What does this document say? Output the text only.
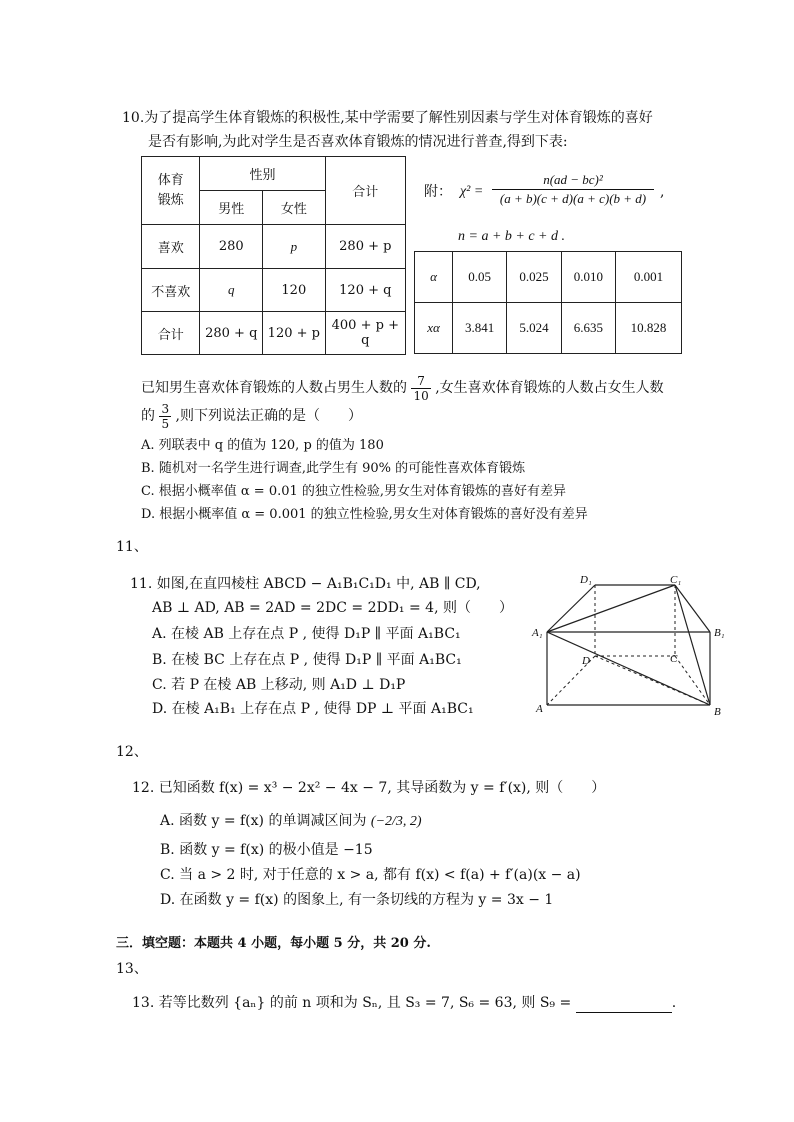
10.为了提高学生体育锻炼的积极性,某中学需要了解性别因素与学生对体育锻炼的喜好
是否有影响,为此对学生是否喜欢体育锻炼的情况进行普查,得到下表:
体育
锻炼	性别		合计
	男性	女性	
喜欢	280	p	280 + p
不喜欢	q	120	120 + q
合计	280 + q	120 + p	400 + p + q
附： $\chi^2 = \frac{\text{n(ad − bc)²}}{(a + b)(c + d)(a + c)(b + d)}$ ,
n = a + b + c + d .
α	0.05	0.025	0.010	0.001
xα	3.841	5.024	6.635	10.828
已知男生喜欢体育锻炼的人数占男生人数的 $\frac{7}{10}$ ,女生喜欢体育锻炼的人数占女生人数
的 $\frac{3}{5}$ ,则下列说法正确的是（　　）
A. 列联表中 q 的值为 120, p 的值为 180
B. 随机对一名学生进行调查,此学生有 90% 的可能性喜欢体育锻炼
C. 根据小概率值 α = 0.01 的独立性检验,男女生对体育锻炼的喜好有差异
D. 根据小概率值 α = 0.001 的独立性检验,男女生对体育锻炼的喜好没有差异
11、
11. 如图,在直四棱柱 ABCD − A₁B₁C₁D₁ 中, AB ∥ CD,
AB ⊥ AD, AB = 2AD = 2DC = 2DD₁ = 4, 则（　　）
A. 在棱 AB 上存在点 P , 使得 D₁P ∥ 平面 A₁BC₁
B. 在棱 BC 上存在点 P , 使得 D₁P ∥ 平面 A₁BC₁
C. 若 P 在棱 AB 上移动, 则 A₁D ⊥ D₁P
D. 在棱 A₁B₁ 上存在点 P , 使得 DP ⊥ 平面 A₁BC₁
D₁	C₁
A₁	B₁
D	C
A	B
12、
12. 已知函数 f(x) = x³ − 2x² − 4x − 7, 其导函数为 y = f′(x), 则（　　）
A. 函数 y = f(x) 的单调减区间为 (−2/3, 2)
B. 函数 y = f(x) 的极小值是 −15
C. 当 a > 2 时, 对于任意的 x > a, 都有 f(x) < f(a) + f′(a)(x − a)
D. 在函数 y = f(x) 的图象上, 有一条切线的方程为 y = 3x − 1
三．填空题：本题共 4 小题，每小题 5 分，共 20 分.
13、
13. 若等比数列 {aₙ} 的前 n 项和为 Sₙ, 且 S₃ = 7, S₆ = 63, 则 S₉ =	.
